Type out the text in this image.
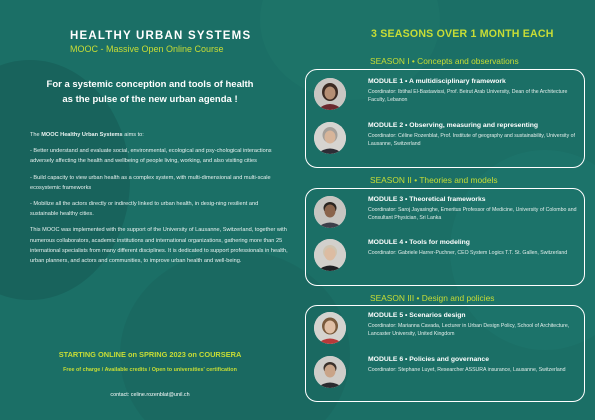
HEALTHY URBAN SYSTEMS
MOOC - Massive Open Online Course
For a systemic conception and tools of health
as the pulse of the new urban agenda !

The MOOC Healthy Urban Systems aims to:

- Better understand and evaluate social, environmental, ecological and psy-chological interactions adversely affecting the health and wellbeing of people living, working, and also visiting cities

- Build capacity to view urban health as a complex system, with multi-dimensional and multi-scale ecosystemic frameworks

- Mobilize all the actors directly or indirectly linked to urban health, in desig-ning resilient and sustainable healthy cities.

This MOOC was implemented with the support of the University of Lausanne, Switzerland, together with numerous collaborators, academic institutions and international organizations, gathering more than 25 international specialists from many different disciplines. It is dedicated to support professionals in health, urban planners, and actors and communities, to improve urban health and well-being.

STARTING ONLINE on SPRING 2023 on COURSERA
Free of charge / Available credits / Open to universities' certification
contact: celine.rozenblat@unil.ch
3 SEASONS OVER 1 MONTH EACH
SEASON I • Concepts and observations
MODULE 1 • A multidisciplinary framework
Coordinator: Ibtihal El-Bastawissi, Prof. Beirut Arab University, Dean of the Architecture Faculty, Lebanon
MODULE 2 • Observing, measuring and representing
Coordinator: Céline Rozenblat, Prof. Institute of geography and sustainability, University of Lausanne, Switzerland
SEASON II • Theories and models
MODULE 3 • Theoretical frameworks
Coordinator: Saroj Jayasinghe, Emeritus Professor of Medicine, University of Colombo and Consultant Physician, Sri Lanka
MODULE 4 • Tools for modeling
Coordinator: Gabriele Harrer-Puchner, CEO System Logics T.T. St. Gallen, Switzerland
SEASON III • Design and policies
MODULE 5 • Scenarios design
Coordinator: Marianna Cavada, Lecturer in Urban Design Policy, School of Architecture, Lancaster University, United Kingdom
MODULE 6 • Policies and governance
Coordinator: Stephane Luyet, Researcher ASSURA insurance, Lausanne, Switzerland
